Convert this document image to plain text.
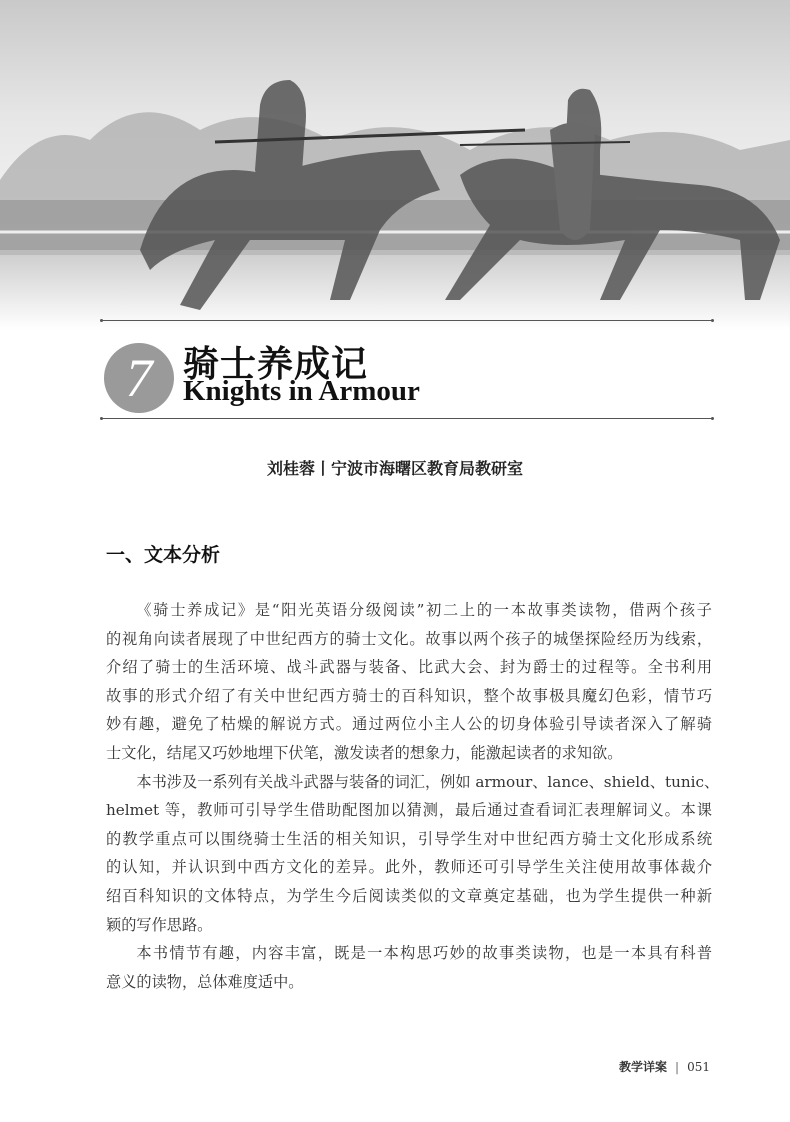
7 骑士养成记
Knights in Armour
刘桂蓉丨宁波市海曙区教育局教研室
一、文本分析
《骑士养成记》是“阳光英语分级阅读”初二上的一本故事类读物，借两个孩子
的视角向读者展现了中世纪西方的骑士文化。故事以两个孩子的城堡探险经历为线索，
介绍了骑士的生活环境、战斗武器与装备、比武大会、封为爵士的过程等。全书利用
故事的形式介绍了有关中世纪西方骑士的百科知识，整个故事极具魔幻色彩，情节巧
妙有趣，避免了枯燥的解说方式。通过两位小主人公的切身体验引导读者深入了解骑
士文化，结尾又巧妙地埋下伏笔，激发读者的想象力，能激起读者的求知欲。
本书涉及一系列有关战斗武器与装备的词汇，例如 armour、lance、shield、tunic、
helmet 等，教师可引导学生借助配图加以猜测，最后通过查看词汇表理解词义。本课
的教学重点可以围绕骑士生活的相关知识，引导学生对中世纪西方骑士文化形成系统
的认知，并认识到中西方文化的差异。此外，教师还可引导学生关注使用故事体裁介
绍百科知识的文体特点，为学生今后阅读类似的文章奠定基础，也为学生提供一种新
颖的写作思路。
本书情节有趣，内容丰富，既是一本构思巧妙的故事类读物，也是一本具有科普
意义的读物，总体难度适中。
教学详案 | 051
